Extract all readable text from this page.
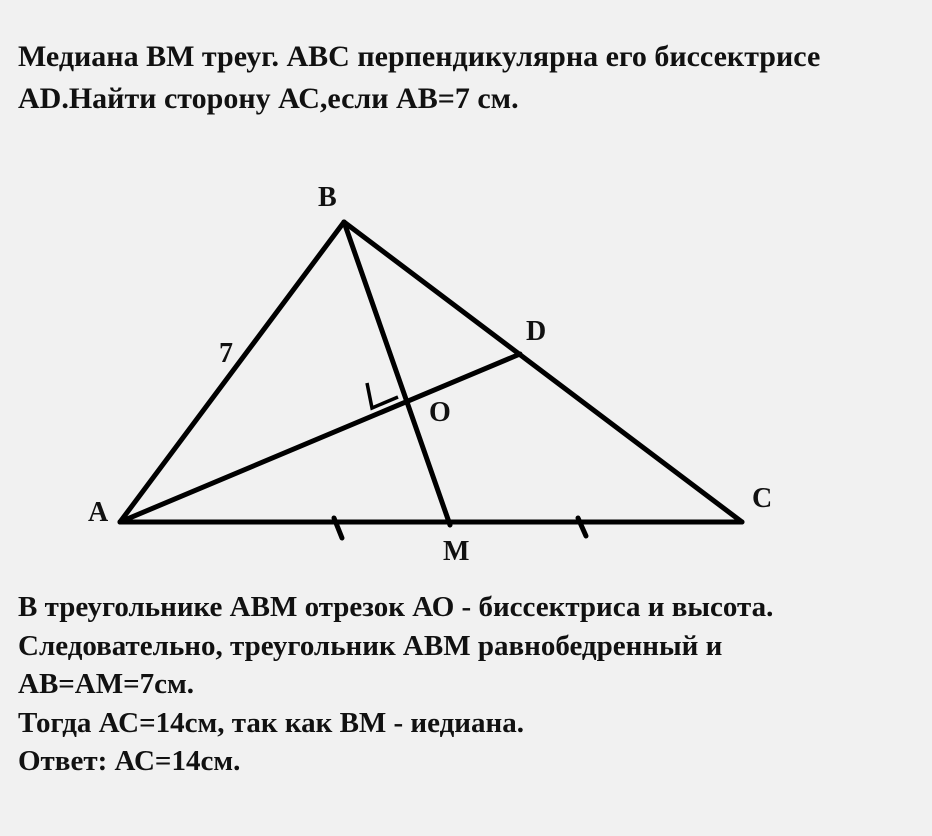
Медиана ВМ треуг. АВС перпендикулярна его биссектрисе
AD.Найти сторону АС,если АВ=7 см.

B
A	C
D
O
M
7

В треугольнике АВМ отрезок АО - биссектриса и высота.
Следовательно, треугольник АВМ равнобедренный и
АВ=АМ=7см.
Тогда АС=14см, так как ВМ - иедиана.
Ответ: АС=14см.
